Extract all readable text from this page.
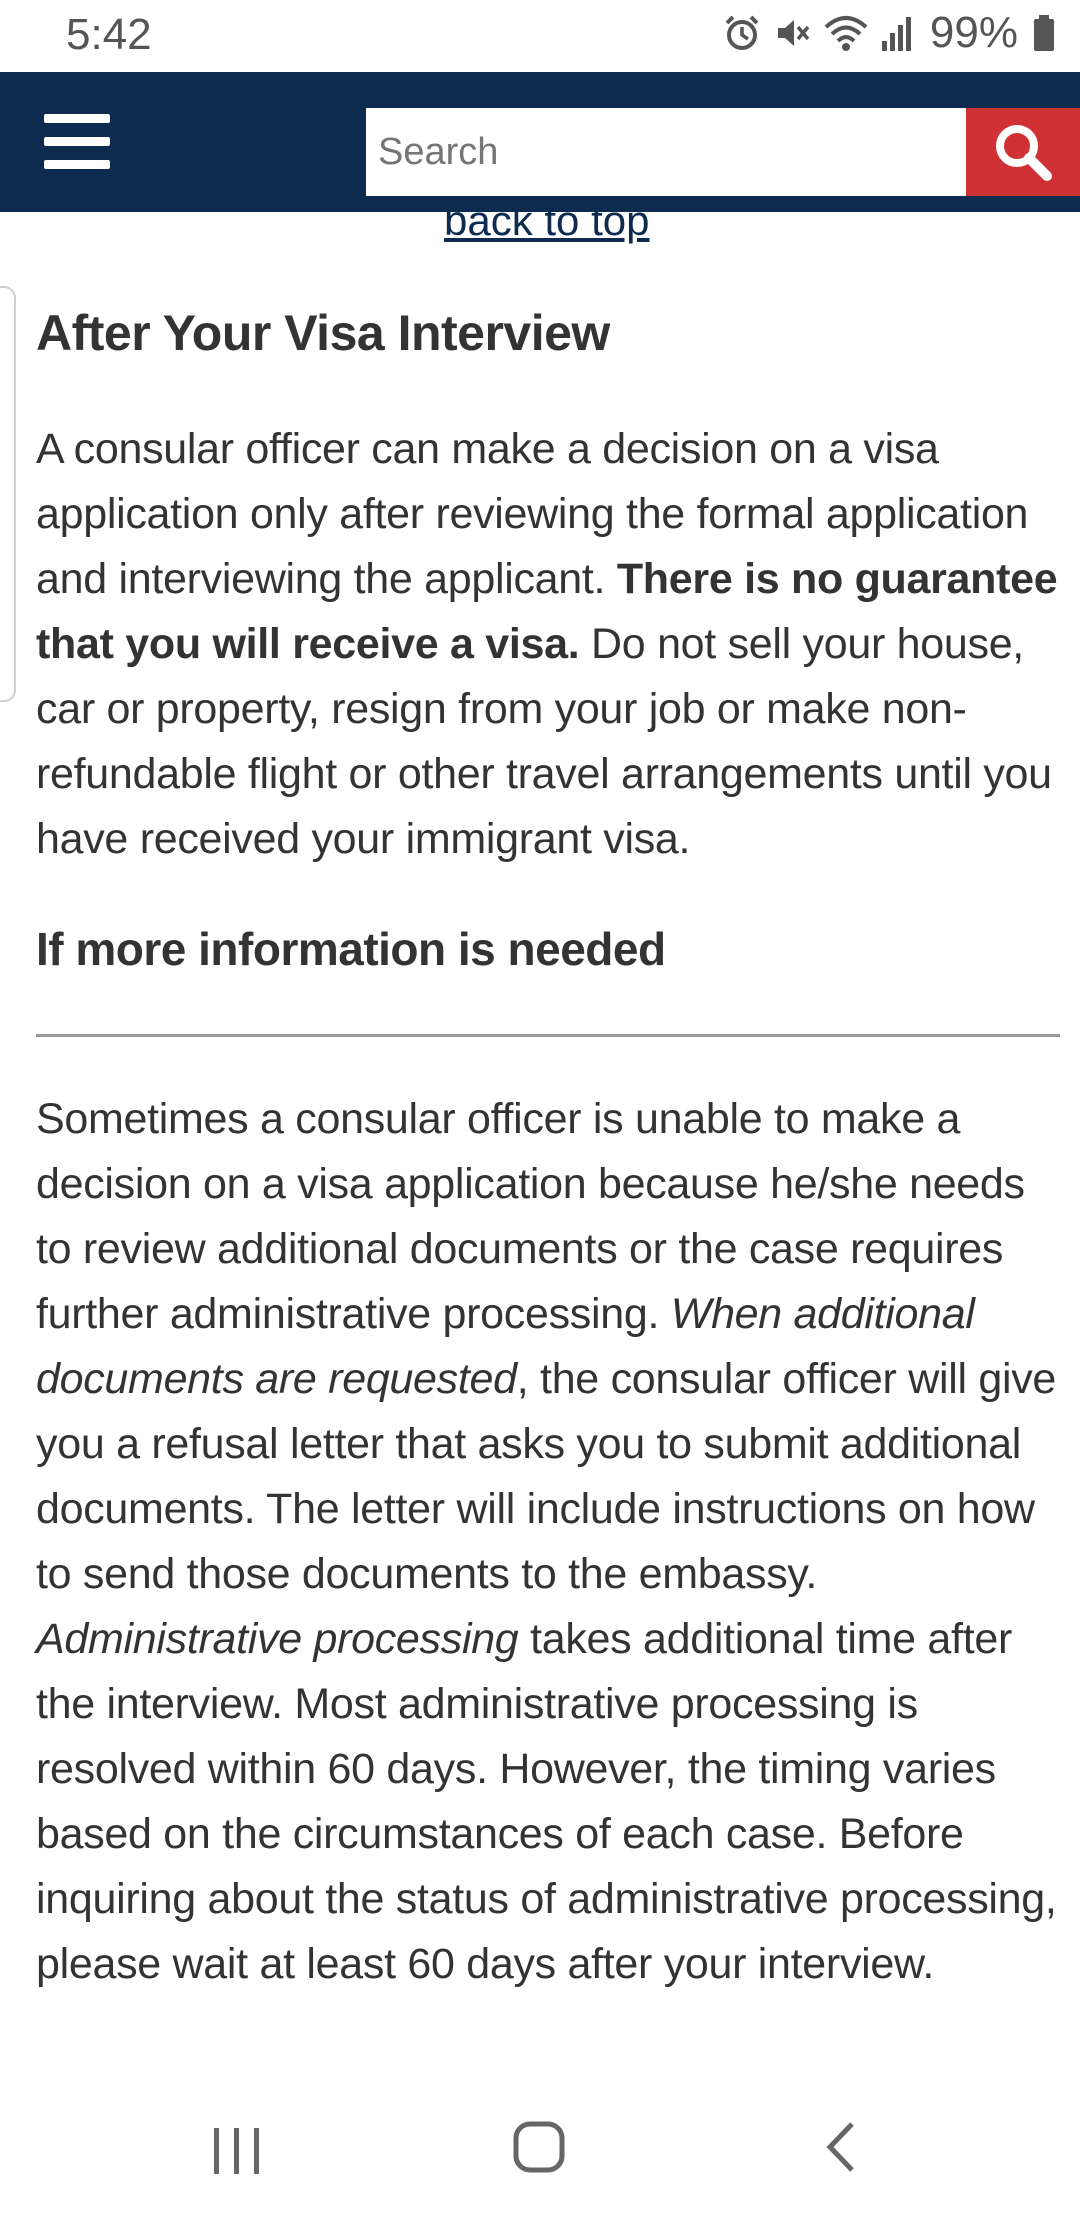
5:42	99%
Search
back to top
After Your Visa Interview

A consular officer can make a decision on a visa application only after reviewing the formal application and interviewing the applicant. There is no guarantee that you will receive a visa. Do not sell your house, car or property, resign from your job or make non-refundable flight or other travel arrangements until you have received your immigrant visa.

If more information is needed

Sometimes a consular officer is unable to make a decision on a visa application because he/she needs to review additional documents or the case requires further administrative processing. When additional documents are requested, the consular officer will give you a refusal letter that asks you to submit additional documents. The letter will include instructions on how to send those documents to the embassy. Administrative processing takes additional time after the interview. Most administrative processing is resolved within 60 days. However, the timing varies based on the circumstances of each case. Before inquiring about the status of administrative processing, please wait at least 60 days after your interview.
